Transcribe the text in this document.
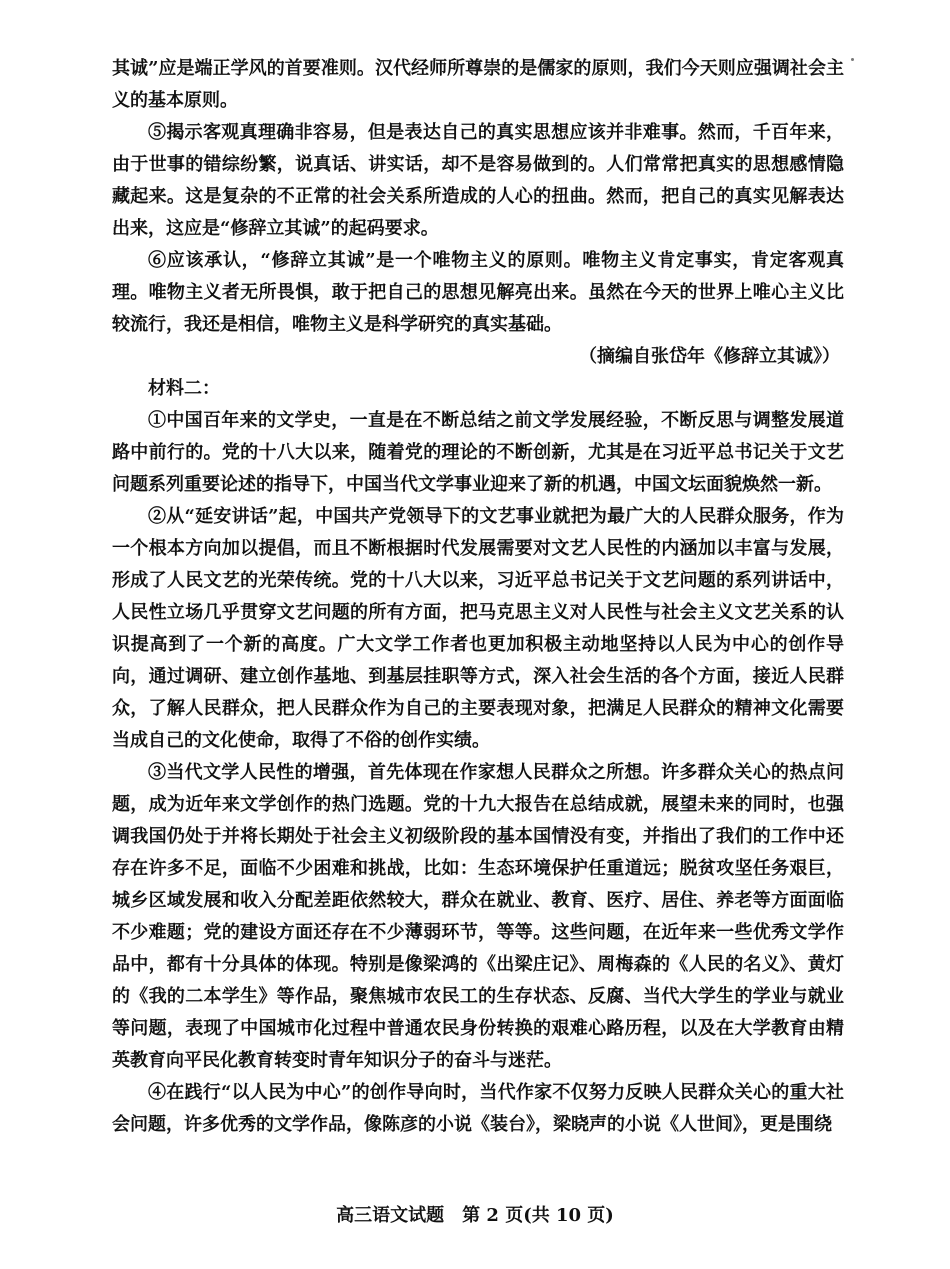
其诚”应是端正学风的首要准则。汉代经师所尊崇的是儒家的原则，我们今天则应强调社会主义的基本原则。

⑤揭示客观真理确非容易，但是表达自己的真实思想应该并非难事。然而，千百年来，由于世事的错综纷繁，说真话、讲实话，却不是容易做到的。人们常常把真实的思想感情隐藏起来。这是复杂的不正常的社会关系所造成的人心的扭曲。然而，把自己的真实见解表达出来，这应是“修辞立其诚”的起码要求。

⑥应该承认，“修辞立其诚”是一个唯物主义的原则。唯物主义肯定事实，肯定客观真理。唯物主义者无所畏惧，敢于把自己的思想见解亮出来。虽然在今天的世界上唯心主义比较流行，我还是相信，唯物主义是科学研究的真实基础。

（摘编自张岱年《修辞立其诚》）

材料二：

①中国百年来的文学史，一直是在不断总结之前文学发展经验，不断反思与调整发展道路中前行的。党的十八大以来，随着党的理论的不断创新，尤其是在习近平总书记关于文艺问题系列重要论述的指导下，中国当代文学事业迎来了新的机遇，中国文坛面貌焕然一新。

②从“延安讲话”起，中国共产党领导下的文艺事业就把为最广大的人民群众服务，作为一个根本方向加以提倡，而且不断根据时代发展需要对文艺人民性的内涵加以丰富与发展，形成了人民文艺的光荣传统。党的十八大以来，习近平总书记关于文艺问题的系列讲话中，人民性立场几乎贯穿文艺问题的所有方面，把马克思主义对人民性与社会主义文艺关系的认识提高到了一个新的高度。广大文学工作者也更加积极主动地坚持以人民为中心的创作导向，通过调研、建立创作基地、到基层挂职等方式，深入社会生活的各个方面，接近人民群众，了解人民群众，把人民群众作为自己的主要表现对象，把满足人民群众的精神文化需要当成自己的文化使命，取得了不俗的创作实绩。

③当代文学人民性的增强，首先体现在作家想人民群众之所想。许多群众关心的热点问题，成为近年来文学创作的热门选题。党的十九大报告在总结成就，展望未来的同时，也强调我国仍处于并将长期处于社会主义初级阶段的基本国情没有变，并指出了我们的工作中还存在许多不足，面临不少困难和挑战，比如：生态环境保护任重道远；脱贫攻坚任务艰巨，城乡区域发展和收入分配差距依然较大，群众在就业、教育、医疗、居住、养老等方面面临不少难题；党的建设方面还存在不少薄弱环节，等等。这些问题，在近年来一些优秀文学作品中，都有十分具体的体现。特别是像梁鸿的《出梁庄记》、周梅森的《人民的名义》、黄灯的《我的二本学生》等作品，聚焦城市农民工的生存状态、反腐、当代大学生的学业与就业等问题，表现了中国城市化过程中普通农民身份转换的艰难心路历程，以及在大学教育由精英教育向平民化教育转变时青年知识分子的奋斗与迷茫。

④在践行“以人民为中心”的创作导向时，当代作家不仅努力反映人民群众关心的重大社会问题，许多优秀的文学作品，像陈彦的小说《装台》，梁晓声的小说《人世间》，更是围绕

高三语文试题　第 2 页(共 10 页)
